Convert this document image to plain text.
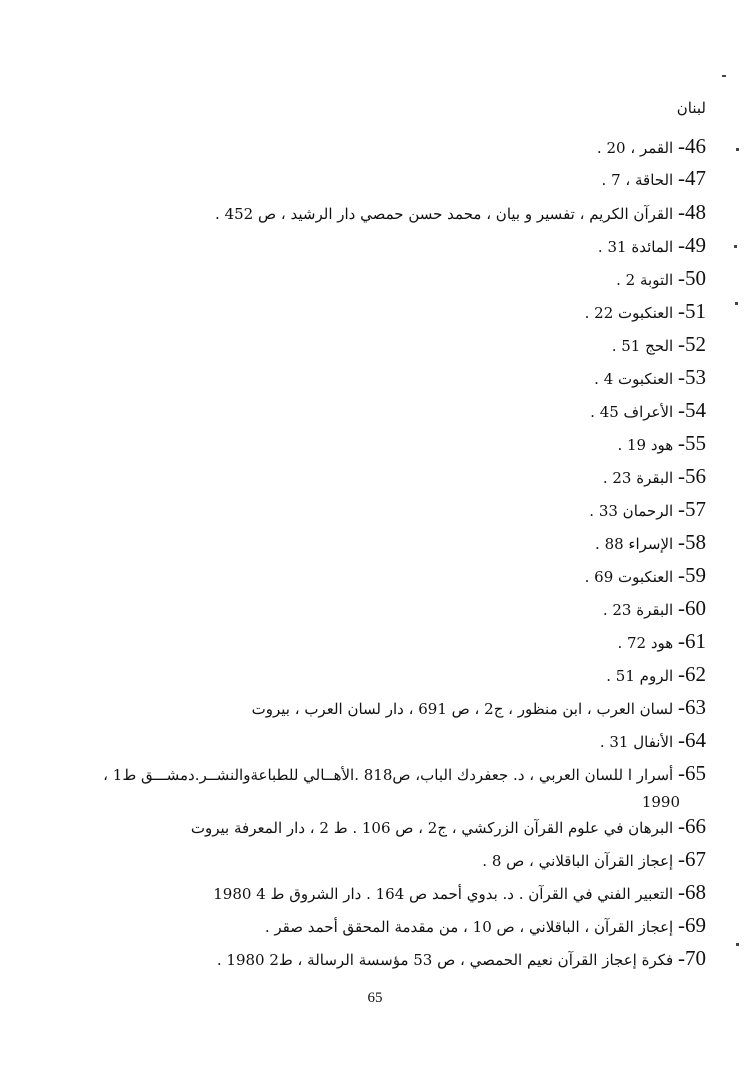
لبنان
46- القمر ، 20 .
47- الحاقة ، 7 .
48- القرآن الكريم ، تفسير و بيان ، محمد حسن حمصي دار الرشيد ، ص 452 .
49- المائدة 31 .
50- التوبة 2 .
51- العنكبوت 22 .
52- الحج 51 .
53- العنكبوت 4 .
54- الأعراف 45 .
55- هود 19 .
56- البقرة 23 .
57- الرحمان 33 .
58- الإسراء 88 .
59- العنكبوت 69 .
60- البقرة 23 .
61- هود 72 .
62- الروم 51 .
63- لسان العرب ، ابن منظور ، ج2 ، ص 691 ، دار لسان العرب ، بيروت
64- الأنفال 31 .
65- أسرار ا للسان العربي ، د. جعفردك الباب، ص818 .الأهــالي للطباعةوالنشــر.دمشـــق ط1 ،
66- البرهان في علوم القرآن الزركشي ، ج2 ، ص 106 . ط 2 ، دار المعرفة بيروت
67- إعجاز القرآن الباقلاني ، ص 8 .
68- التعبير الفني في القرآن . د. بدوي أحمد ص 164 . دار الشروق ط 4 1980
69- إعجاز القرآن ، الباقلاني ، ص 10 ، من مقدمة المحقق أحمد صقر .
70- فكرة إعجاز القرآن نعيم الحمصي ، ص 53 مؤسسة الرسالة ، ط2 1980 .
1990
65
